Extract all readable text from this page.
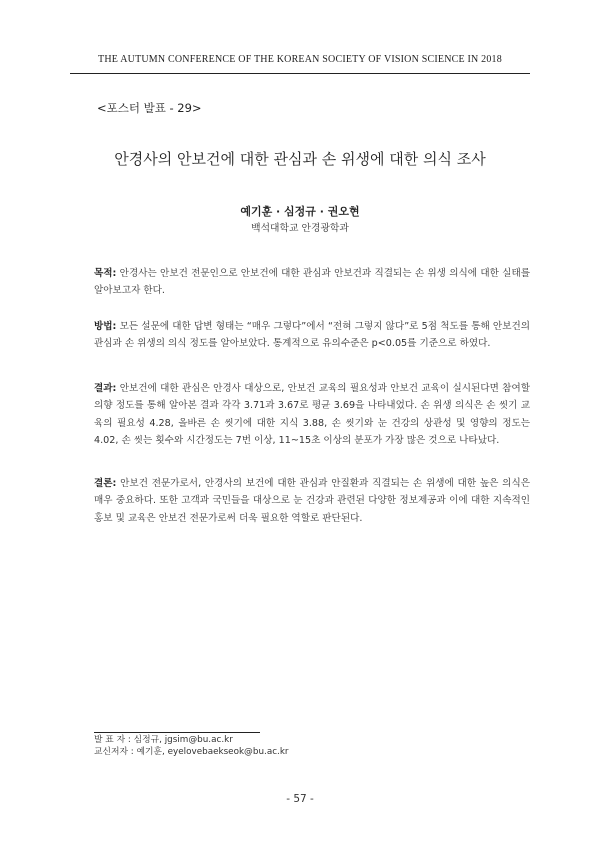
THE AUTUMN CONFERENCE OF THE KOREAN SOCIETY OF VISION SCIENCE IN 2018
<포스터 발표 - 29>
안경사의 안보건에 대한 관심과 손 위생에 대한 의식 조사
예기훈 · 심정규 · 권오현
백석대학교 안경광학과

목적: 안경사는 안보건 전문인으로 안보건에 대한 관심과 안보건과 직결되는 손 위생 의식에 대한 실태를 알아보고자 한다.

방법: 모든 설문에 대한 답변 형태는 “매우 그렇다”에서 “전혀 그렇지 않다”로 5점 척도를 통해 안보건의 관심과 손 위생의 의식 정도를 알아보았다. 통계적으로 유의수준은 p<0.05를 기준으로 하였다.

결과: 안보건에 대한 관심은 안경사 대상으로, 안보건 교육의 필요성과 안보건 교육이 실시된다면 참여할 의향 정도를 통해 알아본 결과 각각 3.71과 3.67로 평균 3.69을 나타내었다. 손 위생 의식은 손 씻기 교육의 필요성 4.28, 올바른 손 씻기에 대한 지식 3.88, 손 씻기와 눈 건강의 상관성 및 영향의 정도는 4.02, 손 씻는 횟수와 시간정도는 7번 이상, 11~15초 이상의 분포가 가장 많은 것으로 나타났다.

결론: 안보건 전문가로서, 안경사의 보건에 대한 관심과 안질환과 직결되는 손 위생에 대한 높은 의식은 매우 중요하다. 또한 고객과 국민들을 대상으로 눈 건강과 관련된 다양한 정보제공과 이에 대한 지속적인 홍보 및 교육은 안보건 전문가로써 더욱 필요한 역할로 판단된다.

발 표 자 : 심정규, jgsim@bu.ac.kr
교신저자 : 예기훈, eyelovebaekseok@bu.ac.kr
- 57 -
